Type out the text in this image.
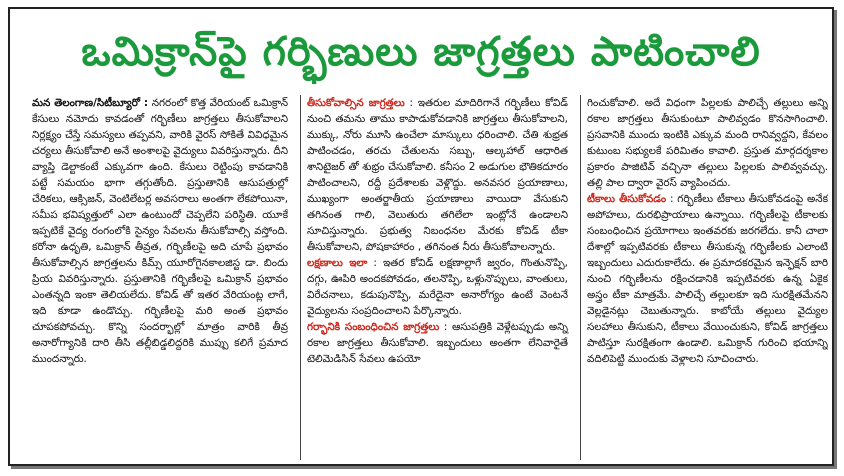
ఒమిక్రాన్‌పై గర్భిణులు జాగ్రత్తలు పాటించాలి

మన తెలంగాణ/సిటీబ్యూరో : నగరంలో కొత్త వేరియంట్ ఒమిక్రాన్ కేసులు నమోదు కావడంతో గర్భిణీలు జాగ్రత్తలు తీసుకోవాలని నిర్లక్ష్యం చేస్తే సమస్యలు తప్పవని, వారికి వైరస్ సోకితే వివిధమైన చర్యలు తీసుకోవాలి అనే అంశాలపై వైద్యులు వివరిస్తున్నారు. దీని వ్యాప్తి డెల్టాకంటే ఎక్కువగా ఉంది. కేసులు రెట్టింపు కావడానికి పట్టే సమయం భాగా తగ్గుతోంది. ప్రస్తుతానికి ఆసుపత్రుల్లో చేరికలు, ఆక్సిజన్, వెంటిలేటర్ల అవసరాలు అంతగా లేకపోయినా, సమీప భవిష్యత్తులో ఎలా ఉంటుందో చెప్పలేని పరిస్థితి. యూకే ఇప్పటికే వైద్య రంగంలోకి సైన్యం సేవలను తీసుకోవాల్సి వస్తోంది. కరోనా ఉధృతి, ఒమిక్రాన్ తీవ్రత, గర్భిణీలపై అది చూపే ప్రభావం తీసుకోవాల్సిన జాగ్రత్తలను కిమ్స్ యూరోగైనకాలజిస్ట డా. బిందు ప్రియ వివరిస్తున్నారు. ప్రస్తుతానికి గర్భిణీలపై ఒమిక్రాన్ ప్రభావం ఎంతన్నది ఇంకా తెలియలేదు. కోవిడ్ తో ఇతర వేరియంట్ల లాగే, ఇది కూడా ఉండొచ్చు. గర్భిణీలపై మరి అంత ప్రభావం చూపకపోవచ్చు. కొన్ని సందర్భాల్లో మాత్రం వారికి తీవ్ర అనారోగ్యానికి దారి తీసి తల్లీబిడ్డలిద్దరికి ముప్పు కలిగే ప్రమాద ముందన్నారు.

తీసుకోవాల్సిన జాగ్రత్తలు : ఇతరుల మాదిరిగానే గర్భిణీలు కోవిడ్ నుంచి తమను తాము కాపాడుకోవడానికి జాగ్రత్తలు తీసుకోవాలని, ముక్కు, నోరు మూసి ఉంచేలా మాస్కులు ధరించాలి. చేతి శుభ్రత పాటించడం, తరచు చేతులను సబ్బు, ఆల్కహాల్ ఆధారిత శానిటైజర్ తో శుభ్రం చేసుకోవాలి. కనీసం 2 అడుగుల భౌతికదూరం పాటించాలని, రద్దీ ప్రదేశాలకు వెళ్లొద్దు. అనవసర ప్రయాణాలు, ముఖ్యంగా అంతర్జాతీయ ప్రయాణాలు వాయిదా వేసుకుని తగినంత గాలి, వెలుతురు తగిలేలా ఇంట్లోనే ఉండాలని సూచిస్తున్నారు. ప్రభుత్వ నిబంధనల మేరకు కోవిడ్ టీకా తీసుకోవాలని, పోషకాహారం , తగినంత నీరు తీసుకోవాలన్నారు.

లక్షణాలు ఇలా : ఇతర కోవిడ్ లక్షణాల్లాగే జ్వరం, గొంతునొప్పి, దగ్గు, ఊపిరి అందకపోవడం, తలనొప్పి, ఒళ్లునొప్పులు, వాంతులు, విరేచనాలు, కడుపునొప్పి, మరేదైనా అనారోగ్యం ఉంటే వెంటనే వైద్యులను సంప్రదించాలని పేర్కొన్నారు.

గర్భానికి సంబంధించిన జాగ్రత్తలు : ఆసుపత్రికి వెళ్లేటప్పుడు అన్ని రకాల జాగ్రత్తలు తీసుకోవాలి. ఇబ్బందులు అంతగా లేనివారైతే టెలిమెడిసిన్ సేవలు ఉపయో

గించుకోవాలి. అదే విధంగా పిల్లలకు పాలిచ్చే తల్లులు అన్ని రకాల జాగ్రత్తలు తీసుకుంటూ పాలివ్వడం కొనసాగించాలి. ప్రసవానికి ముందు ఇంటికి ఎక్కువ మంది రానివ్వద్దని, కేవలం కుటుంబ సభ్యులకే పరిమితం కావాలి. ప్రస్తుత మార్గదర్శకాల ప్రకారం పాజిటివ్ వచ్చినా తల్లులు పిల్లలకు పాలివ్వవచ్చు. తల్లి పాల ద్వారా వైరస్ వ్యాపించదు.

టీకాలు తీసుకోవడం : గర్భిణీలు టీకాలు తీసుకోవడంపై అనేక అపోహలు, దురభిప్రాయాలు ఉన్నాయి. గర్భిణీలపై టీకాలకు సంబంధించిన ప్రయోగాలు ఇంతవరకు జరగలేదు. కానీ చాలా దేశాల్లో ఇప్పటివరకు టీకాలు తీసుకున్న గర్భిణీలకు ఎలాంటి ఇబ్బందులు ఎదురుకాలేదు. ఈ ప్రమాదకరమైన ఇన్ఫెక్షన్ బారి నుంచి గర్భిణీలను రక్షించడానికి ఇప్పటివరకు ఉన్న ఏకైక అస్త్రం టీకా మాత్రమే. పాలిచ్చే తల్లులకూ ఇది సురక్షితమేనని వెల్లడైనట్లు చెబుతున్నారు. కాబోయే తల్లులు వైద్యుల సలహాలు తీసుకుని, టీకాలు వేయించుకుని, కోవిడ్ జాగ్రత్తలు పాటిస్తూ సురక్షితంగా ఉండాలి. ఒమిక్రాన్ గురించి భయాన్ని వదిలిపెట్టి ముందుకు వెళ్లాలని సూచించారు.
